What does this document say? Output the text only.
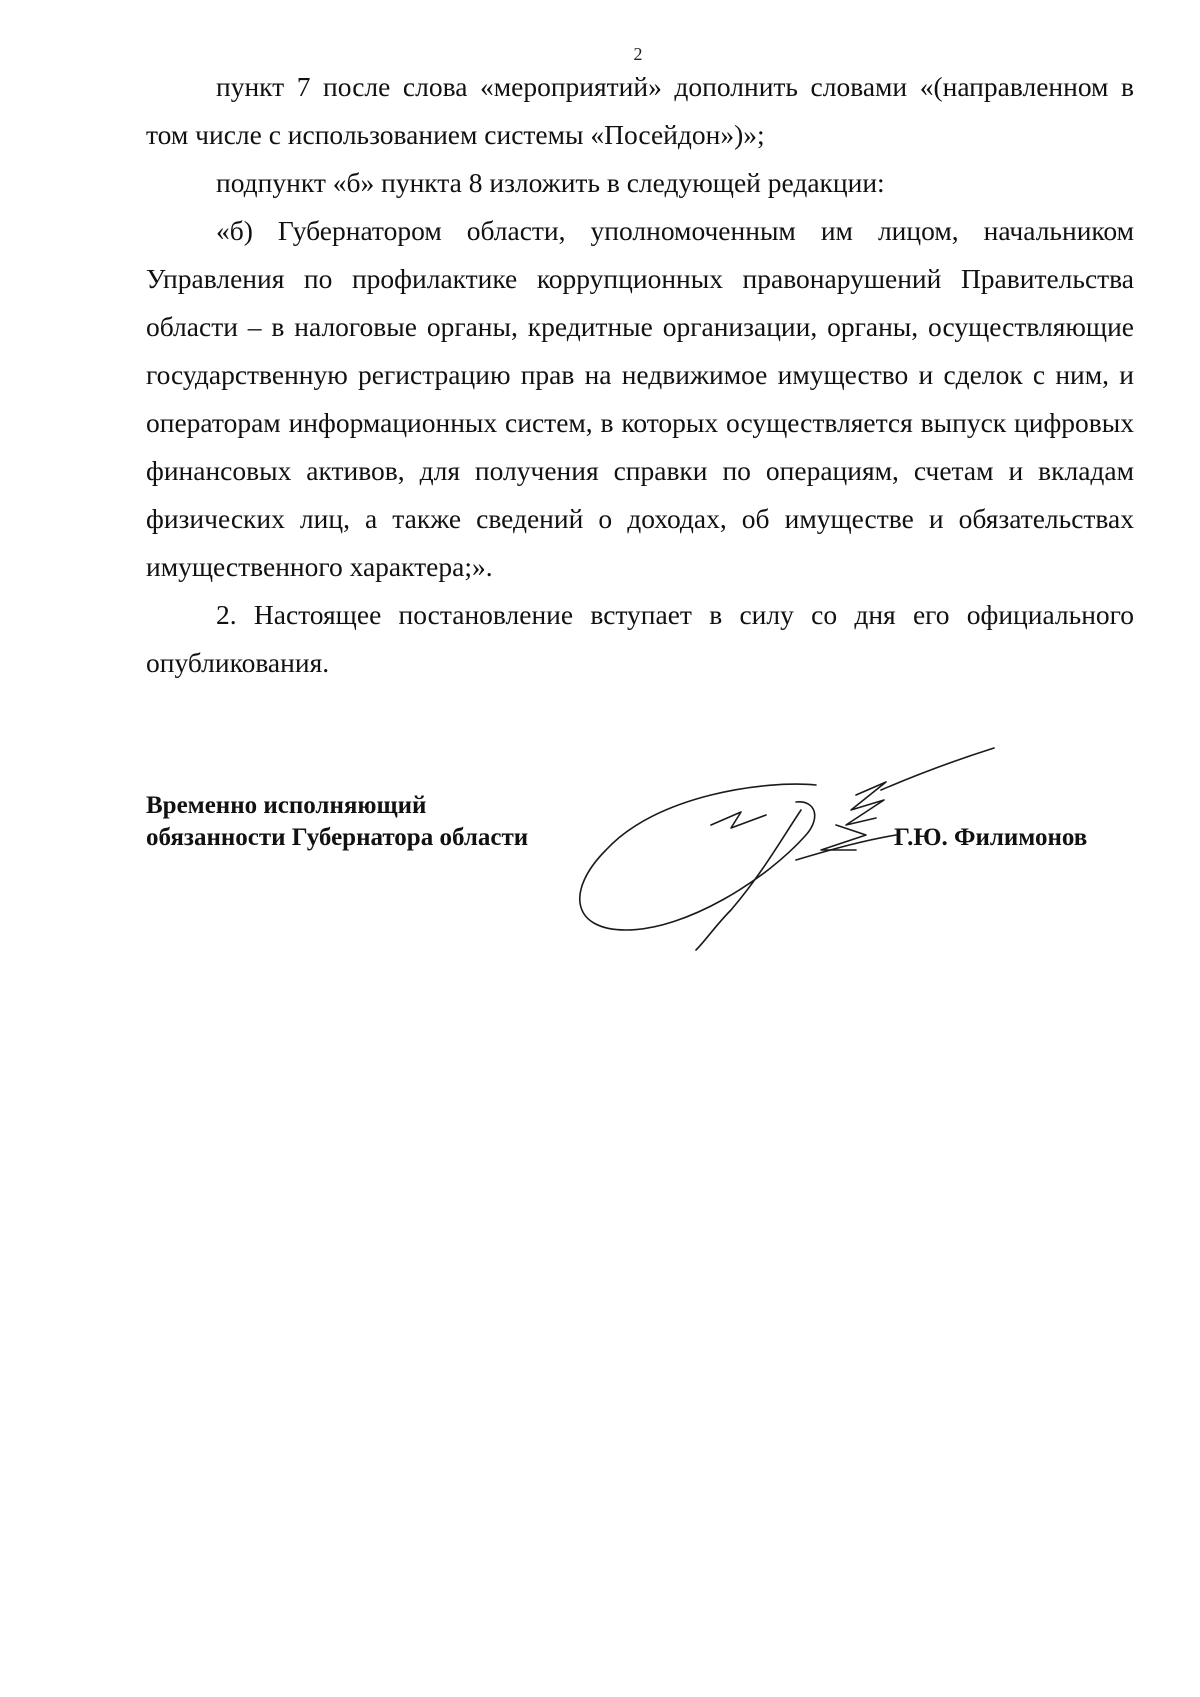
2

пункт 7 после слова «мероприятий» дополнить словами «(направленном в том числе с использованием системы «Посейдон»)»;

подпункт «б» пункта 8 изложить в следующей редакции:

«б) Губернатором области, уполномоченным им лицом, начальником Управления по профилактике коррупционных правонарушений Правительства области – в налоговые органы, кредитные организации, органы, осуществляющие государственную регистрацию прав на недвижимое имущество и сделок с ним, и операторам информационных систем, в которых осуществляется выпуск цифровых финансовых активов, для получения справки по операциям, счетам и вкладам физических лиц, а также сведений о доходах, об имуществе и обязательствах имущественного характера;».

2. Настоящее постановление вступает в силу со дня его официального опубликования.

Временно исполняющий
обязанности Губернатора области	Г.Ю. Филимонов
